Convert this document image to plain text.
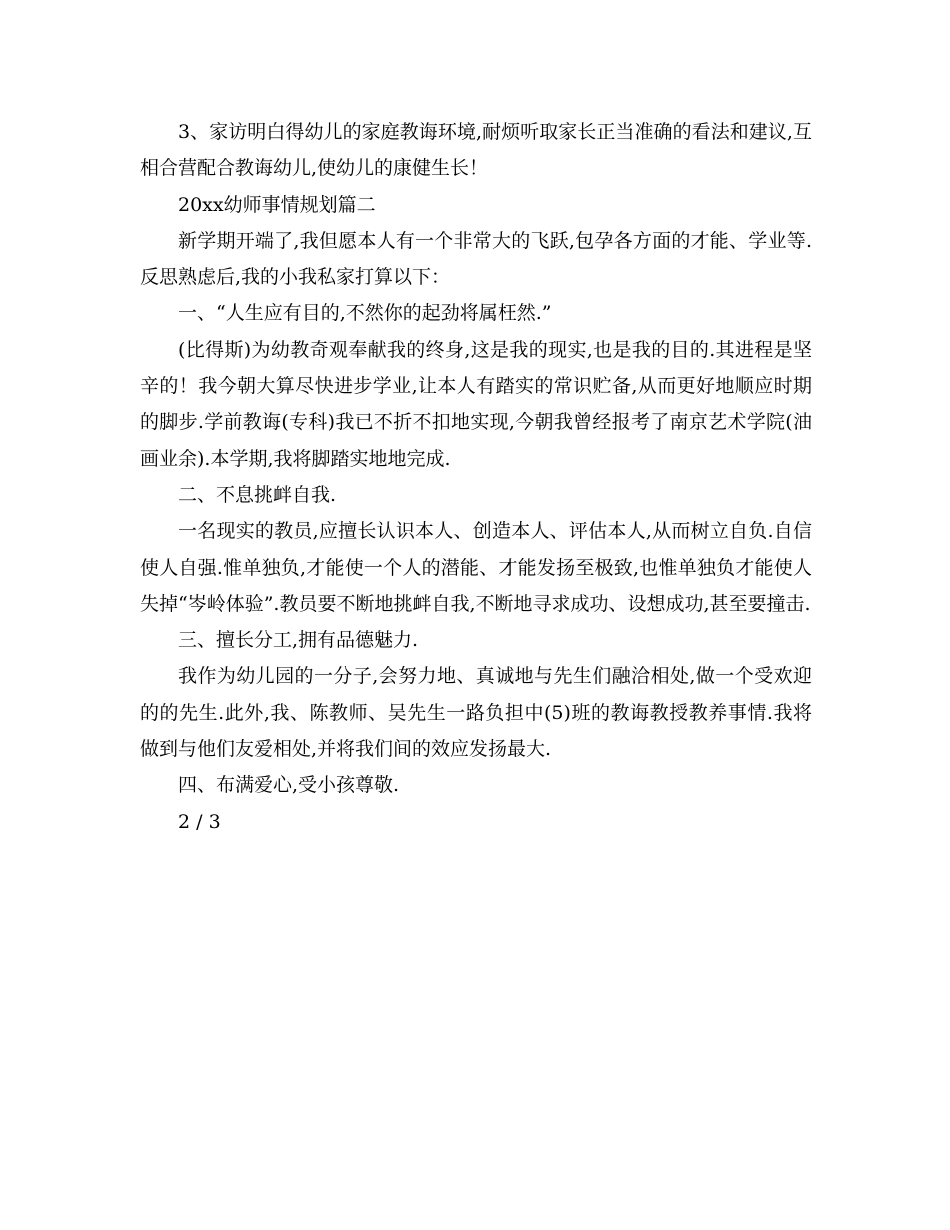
3、家访明白得幼儿的家庭教诲环境,耐烦听取家长正当准确的看法和建议,互相合营配合教诲幼儿,使幼儿的康健生长！

20xx幼师事情规划篇二

新学期开端了,我但愿本人有一个非常大的飞跃,包孕各方面的才能、学业等.反思熟虑后,我的小我私家打算以下：

一、“人生应有目的,不然你的起劲将属枉然.”

(比得斯)为幼教奇观奉献我的终身,这是我的现实,也是我的目的.其进程是坚辛的！我今朝大算尽快进步学业,让本人有踏实的常识贮备,从而更好地顺应时期的脚步.学前教诲(专科)我已不折不扣地实现,今朝我曾经报考了南京艺术学院(油画业余).本学期,我将脚踏实地地完成.

二、不息挑衅自我.

一名现实的教员,应擅长认识本人、创造本人、评估本人,从而树立自负.自信使人自强.惟单独负,才能使一个人的潜能、才能发扬至极致,也惟单独负才能使人失掉“岑岭体验”.教员要不断地挑衅自我,不断地寻求成功、设想成功,甚至要撞击.

三、擅长分工,拥有品德魅力.

我作为幼儿园的一分子,会努力地、真诚地与先生们融洽相处,做一个受欢迎的的先生.此外,我、陈教师、吴先生一路负担中(5)班的教诲教授教养事情.我将做到与他们友爱相处,并将我们间的效应发扬最大.

四、布满爱心,受小孩尊敬.

2 / 3
